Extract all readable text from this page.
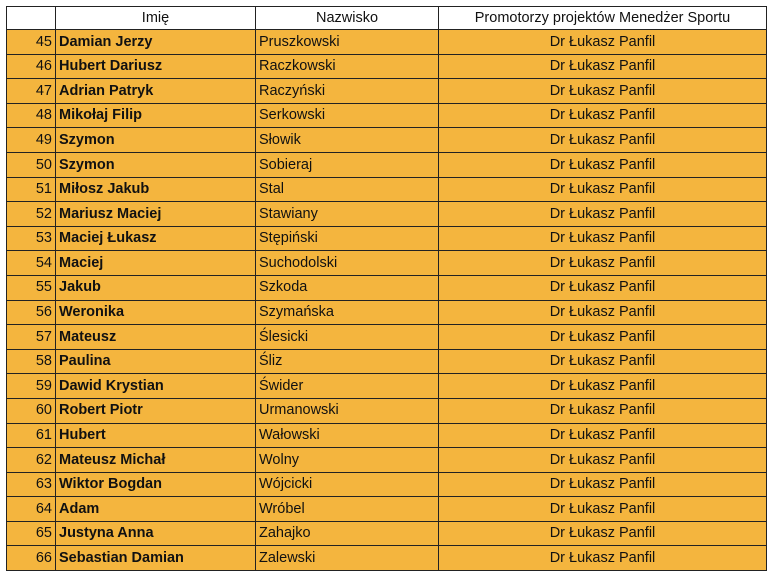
	Imię	Nazwisko	Promotorzy projektów Menedżer Sportu
45	Damian Jerzy	Pruszkowski	Dr Łukasz Panfil
46	Hubert Dariusz	Raczkowski	Dr Łukasz Panfil
47	Adrian Patryk	Raczyński	Dr Łukasz Panfil
48	Mikołaj Filip	Serkowski	Dr Łukasz Panfil
49	Szymon	Słowik	Dr Łukasz Panfil
50	Szymon	Sobieraj	Dr Łukasz Panfil
51	Miłosz Jakub	Stal	Dr Łukasz Panfil
52	Mariusz Maciej	Stawiany	Dr Łukasz Panfil
53	Maciej Łukasz	Stępiński	Dr Łukasz Panfil
54	Maciej	Suchodolski	Dr Łukasz Panfil
55	Jakub	Szkoda	Dr Łukasz Panfil
56	Weronika	Szymańska	Dr Łukasz Panfil
57	Mateusz	Ślesicki	Dr Łukasz Panfil
58	Paulina	Śliz	Dr Łukasz Panfil
59	Dawid Krystian	Świder	Dr Łukasz Panfil
60	Robert Piotr	Urmanowski	Dr Łukasz Panfil
61	Hubert	Wałowski	Dr Łukasz Panfil
62	Mateusz Michał	Wolny	Dr Łukasz Panfil
63	Wiktor Bogdan	Wójcicki	Dr Łukasz Panfil
64	Adam	Wróbel	Dr Łukasz Panfil
65	Justyna Anna	Zahajko	Dr Łukasz Panfil
66	Sebastian Damian	Zalewski	Dr Łukasz Panfil
